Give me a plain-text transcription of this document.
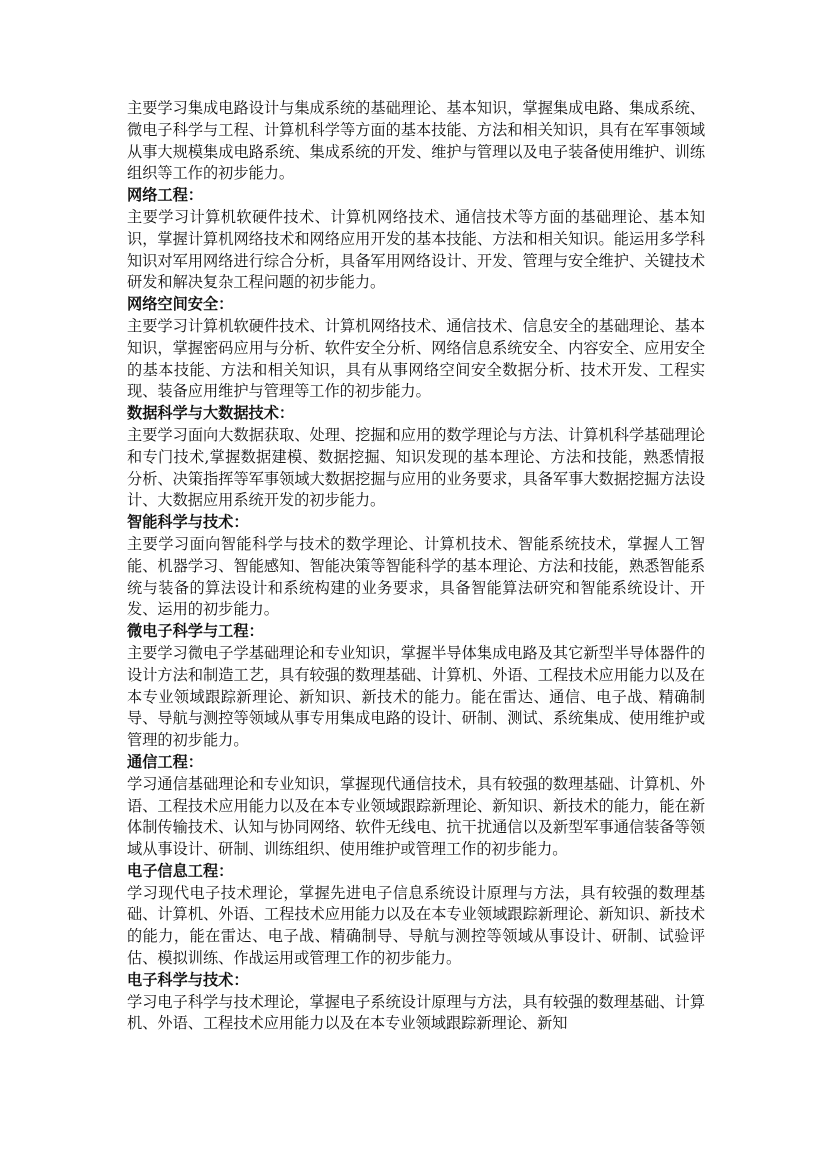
主要学习集成电路设计与集成系统的基础理论、基本知识，掌握集成电路、集成系统、微电子科学与工程、计算机科学等方面的基本技能、方法和相关知识，具有在军事领域从事大规模集成电路系统、集成系统的开发、维护与管理以及电子装备使用维护、训练组织等工作的初步能力。

网络工程：

主要学习计算机软硬件技术、计算机网络技术、通信技术等方面的基础理论、基本知识，掌握计算机网络技术和网络应用开发的基本技能、方法和相关知识。能运用多学科知识对军用网络进行综合分析，具备军用网络设计、开发、管理与安全维护、关键技术研发和解决复杂工程问题的初步能力。

网络空间安全：

主要学习计算机软硬件技术、计算机网络技术、通信技术、信息安全的基础理论、基本知识，掌握密码应用与分析、软件安全分析、网络信息系统安全、内容安全、应用安全的基本技能、方法和相关知识，具有从事网络空间安全数据分析、技术开发、工程实现、装备应用维护与管理等工作的初步能力。

数据科学与大数据技术：

主要学习面向大数据获取、处理、挖掘和应用的数学理论与方法、计算机科学基础理论和专门技术,掌握数据建模、数据挖掘、知识发现的基本理论、方法和技能，熟悉情报分析、决策指挥等军事领域大数据挖掘与应用的业务要求，具备军事大数据挖掘方法设计、大数据应用系统开发的初步能力。

智能科学与技术：

主要学习面向智能科学与技术的数学理论、计算机技术、智能系统技术，掌握人工智能、机器学习、智能感知、智能决策等智能科学的基本理论、方法和技能，熟悉智能系统与装备的算法设计和系统构建的业务要求，具备智能算法研究和智能系统设计、开发、运用的初步能力。

微电子科学与工程：

主要学习微电子学基础理论和专业知识，掌握半导体集成电路及其它新型半导体器件的设计方法和制造工艺，具有较强的数理基础、计算机、外语、工程技术应用能力以及在本专业领域跟踪新理论、新知识、新技术的能力。能在雷达、通信、电子战、精确制导、导航与测控等领域从事专用集成电路的设计、研制、测试、系统集成、使用维护或管理的初步能力。

通信工程：

学习通信基础理论和专业知识，掌握现代通信技术，具有较强的数理基础、计算机、外语、工程技术应用能力以及在本专业领域跟踪新理论、新知识、新技术的能力，能在新体制传输技术、认知与协同网络、软件无线电、抗干扰通信以及新型军事通信装备等领域从事设计、研制、训练组织、使用维护或管理工作的初步能力。

电子信息工程：

学习现代电子技术理论，掌握先进电子信息系统设计原理与方法，具有较强的数理基础、计算机、外语、工程技术应用能力以及在本专业领域跟踪新理论、新知识、新技术的能力，能在雷达、电子战、精确制导、导航与测控等领域从事设计、研制、试验评估、模拟训练、作战运用或管理工作的初步能力。

电子科学与技术：

学习电子科学与技术理论，掌握电子系统设计原理与方法，具有较强的数理基础、计算机、外语、工程技术应用能力以及在本专业领域跟踪新理论、新知
